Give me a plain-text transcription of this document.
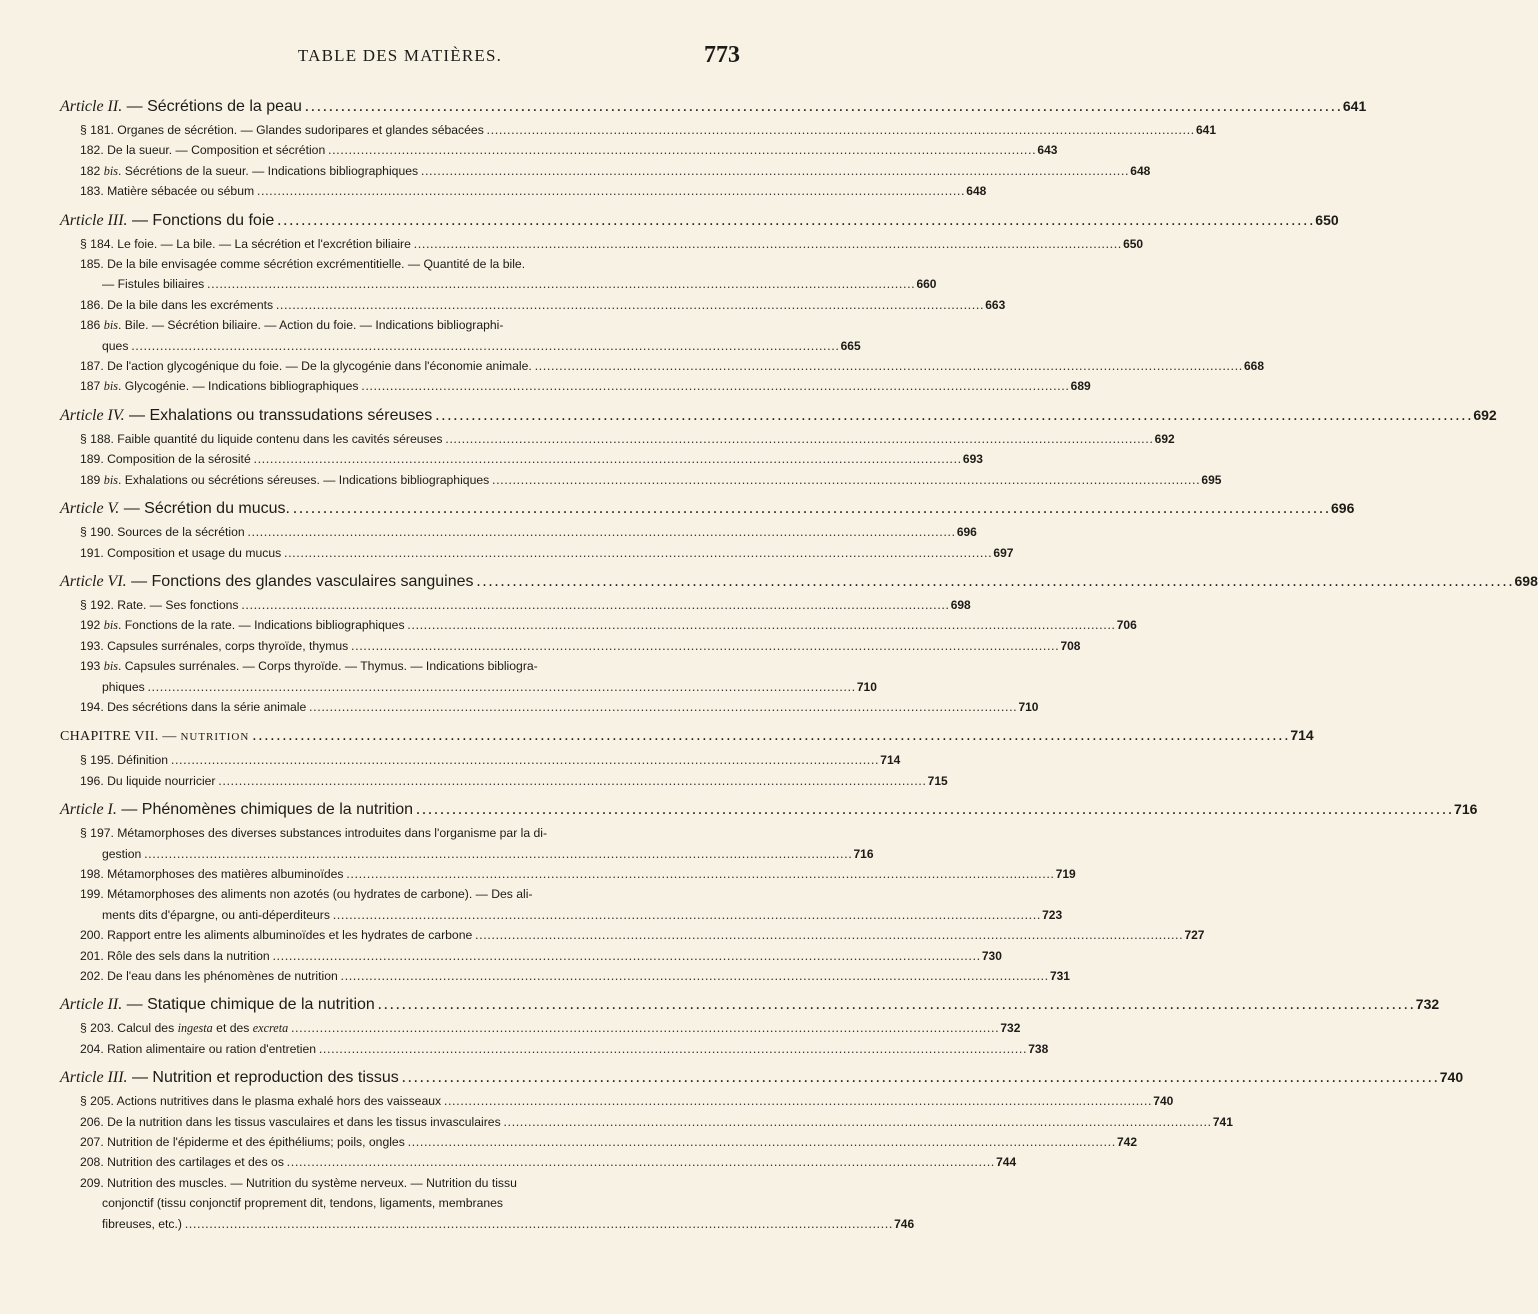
TABLE DES MATIÈRES.	773
Article II. — Sécrétions de la peau . . .	641
§ 181. Organes de sécrétion. — Glandes sudoripares et glandes sébacées . . .	641
182. De la sueur. — Composition et sécrétion . . .	643
182 bis. Sécrétions de la sueur. — Indications bibliographiques . . .	648
183. Matière sébacée ou sébum . . .	648
Article III. — Fonctions du foie . . .	650
§ 184. Le foie. — La bile. — La sécrétion et l'excrétion biliaire . . .	650
185. De la bile envisagée comme sécrétion excrémentitielle. — Quantité de la bile.
— Fistules biliaires . . .	660
186. De la bile dans les excréments . . .	663
186 bis. Bile. — Sécrétion biliaire. — Action du foie. — Indications bibliographi-
ques . . .	665
187. De l'action glycogénique du foie. — De la glycogénie dans l'économie animale. . . .	668
187 bis. Glycogénie. — Indications bibliographiques . . .	689
Article IV. — Exhalations ou transsudations séreuses . . .	692
§ 188. Faible quantité du liquide contenu dans les cavités séreuses . . .	692
189. Composition de la sérosité . . .	693
189 bis. Exhalations ou sécrétions séreuses. — Indications bibliographiques . . .	695
Article V. — Sécrétion du mucus. . . .	696
§ 190. Sources de la sécrétion . . .	696
191. Composition et usage du mucus . . .	697
Article VI. — Fonctions des glandes vasculaires sanguines . . .	698
§ 192. Rate. — Ses fonctions . . .	698
192 bis. Fonctions de la rate. — Indications bibliographiques . . .	706
193. Capsules surrénales, corps thyroïde, thymus . . .	708
193 bis. Capsules surrénales. — Corps thyroïde. — Thymus. — Indications bibliogra-
phiques . . .	710
194. Des sécrétions dans la série animale . . .	710
CHAPITRE VII. — NUTRITION . . .	714
§ 195. Définition . . .	714
196. Du liquide nourricier . . .	715
Article I. — Phénomènes chimiques de la nutrition . . .	716
§ 197. Métamorphoses des diverses substances introduites dans l'organisme par la di-
gestion . . .	716
198. Métamorphoses des matières albuminoïdes . . .	719
199. Métamorphoses des aliments non azotés (ou hydrates de carbone). — Des ali-
ments dits d'épargne, ou anti-déperditeurs . . .	723
200. Rapport entre les aliments albuminoïdes et les hydrates de carbone . . .	727
201. Rôle des sels dans la nutrition . . .	730
202. De l'eau dans les phénomènes de nutrition . . .	731
Article II. — Statique chimique de la nutrition . . .	732
§ 203. Calcul des ingesta et des excreta . . .	732
204. Ration alimentaire ou ration d'entretien . . .	738
Article III. — Nutrition et reproduction des tissus . . .	740
§ 205. Actions nutritives dans le plasma exhalé hors des vaisseaux . . .	740
206. De la nutrition dans les tissus vasculaires et dans les tissus invasculaires . . .	741
207. Nutrition de l'épiderme et des épithéliums; poils, ongles . . .	742
208. Nutrition des cartilages et des os . . .	744
209. Nutrition des muscles. — Nutrition du système nerveux. — Nutrition du tissu
conjonctif (tissu conjonctif proprement dit, tendons, ligaments, membranes
fibreuses, etc.) . . .	746
